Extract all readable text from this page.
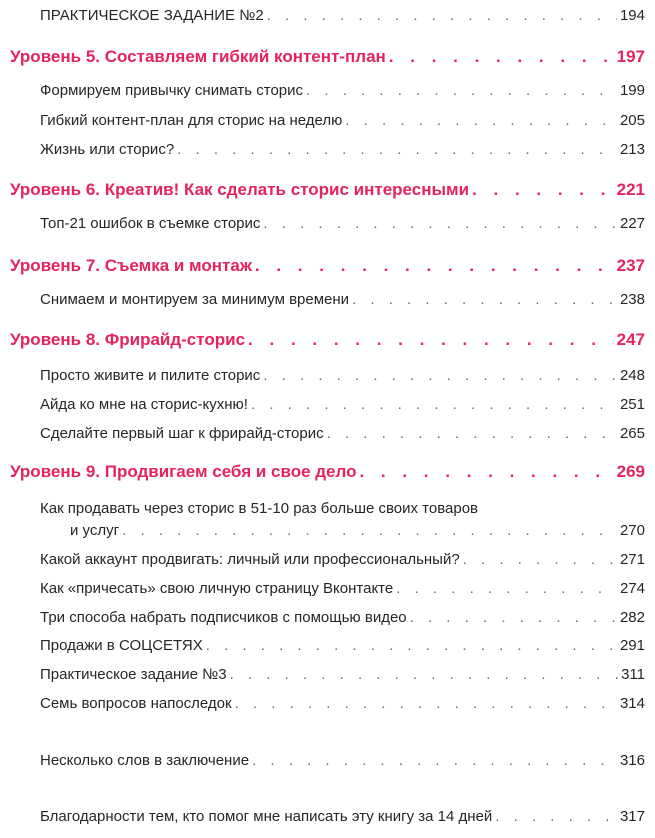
ПРАКТИЧЕСКОЕ ЗАДАНИЕ №2 . . .	194
Уровень 5. Составляем гибкий контент-план . . .	197
Формируем привычку снимать сторис . . .	199
Гибкий контент-план для сторис на неделю . . .	205
Жизнь или сторис? . . .	213
Уровень 6. Креатив! Как сделать сторис интересными . . .	221
Топ-21 ошибок в съемке сторис . . .	227
Уровень 7. Съемка и монтаж . . .	237
Снимаем и монтируем за минимум времени . . .	238
Уровень 8. Фрирайд-сторис . . .	247
Просто живите и пилите сторис . . .	248
Айда ко мне на сторис-кухню! . . .	251
Сделайте первый шаг к фрирайд-сторис . . .	265
Уровень 9. Продвигаем себя и свое дело . . .	269
Как продавать через сторис в 51-10 раз больше своих товаров
и услуг . . .	270
Какой аккаунт продвигать: личный или профессиональный? . . .	271
Как «причесать» свою личную страницу Вконтакте . . .	274
Три способа набрать подписчиков с помощью видео . . .	282
Продажи в СОЦСЕТЯХ . . .	291
Практическое задание №3 . . .	311
Семь вопросов напоследок . . .	314
Несколько слов в заключение . . .	316
Благодарности тем, кто помог мне написать эту книгу за 14 дней . . .	317
